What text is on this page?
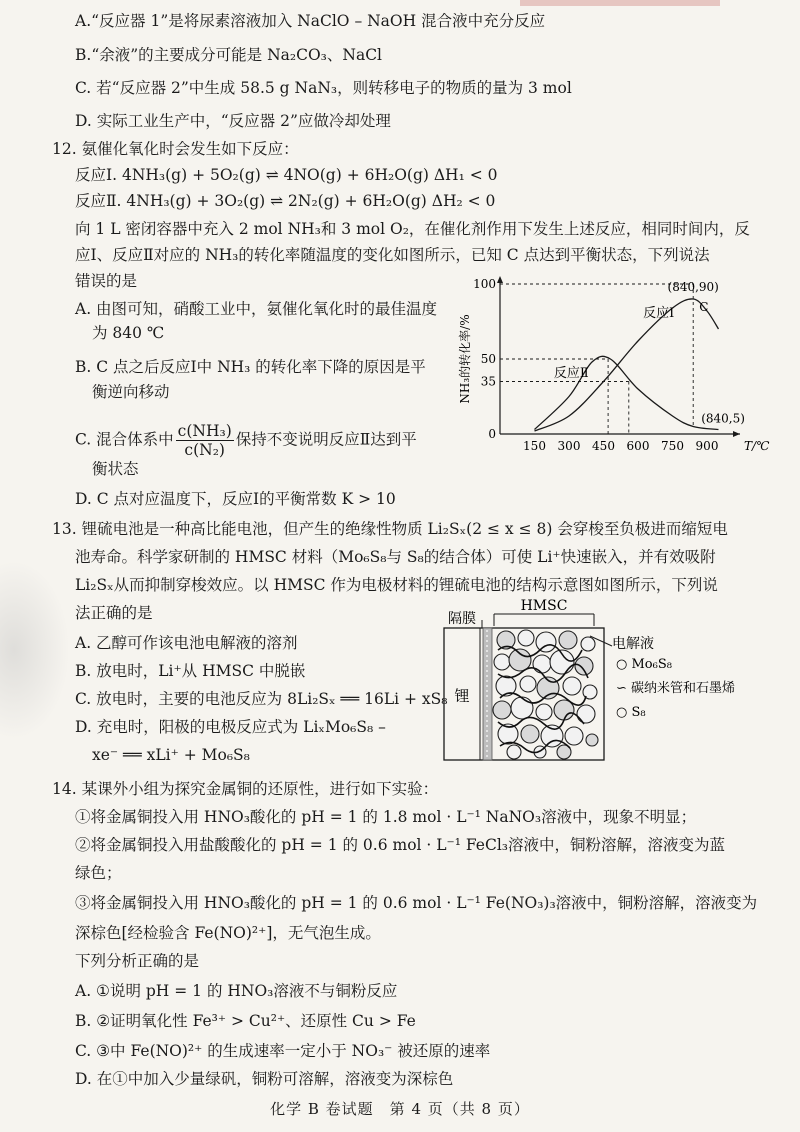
A.“反应器 1”是将尿素溶液加入 NaClO – NaOH 混合液中充分反应
B.“余液”的主要成分可能是 Na₂CO₃、NaCl
C. 若“反应器 2”中生成 58.5 g NaN₃，则转移电子的物质的量为 3 mol
D. 实际工业生产中，“反应器 2”应做冷却处理
12. 氨催化氧化时会发生如下反应：
反应Ⅰ. 4NH₃(g) + 5O₂(g) ⇌ 4NO(g) + 6H₂O(g) ΔH₁ < 0
反应Ⅱ. 4NH₃(g) + 3O₂(g) ⇌ 2N₂(g) + 6H₂O(g) ΔH₂ < 0
向 1 L 密闭容器中充入 2 mol NH₃和 3 mol O₂，在催化剂作用下发生上述反应，相同时间内，反
应Ⅰ、反应Ⅱ对应的 NH₃的转化率随温度的变化如图所示，已知 C 点达到平衡状态，下列说法
错误的是
A. 由图可知，硝酸工业中，氨催化氧化时的最佳温度
为 840 ℃
B. C 点之后反应Ⅰ中 NH₃ 的转化率下降的原因是平
衡逆向移动
C. 混合体系中 $\frac{\text{c(NH₃)}}{\text{c(N₂)}}$ 保持不变说明反应Ⅱ达到平
衡状态
D. C 点对应温度下，反应Ⅰ的平衡常数 K > 10
150 300 450 600 750 900
35
50
100
T/℃
NH₃的转化率/%
反应Ⅰ
反应Ⅱ
(840,90)
C
(840,5)
0
13. 锂硫电池是一种高比能电池，但产生的绝缘性物质 Li₂Sₓ(2 ≤ x ≤ 8) 会穿梭至负极进而缩短电
池寿命。科学家研制的 HMSC 材料（Mo₆S₈与 S₈的结合体）可使 Li⁺快速嵌入，并有效吸附
Li₂Sₓ从而抑制穿梭效应。以 HMSC 作为电极材料的锂硫电池的结构示意图如图所示，下列说
法正确的是
A. 乙醇可作该电池电解液的溶剂
B. 放电时，Li⁺从 HMSC 中脱嵌
C. 放电时，主要的电池反应为 8Li₂Sₓ ══ 16Li + xS₈
D. 充电时，阳极的电极反应式为 LiₓMo₆S₈ –
xe⁻ ══ xLi⁺ + Mo₆S₈
隔膜
HMSC
锂
电解液
○ Mo₆S₈
∽ 碳纳米管和石墨烯
○ S₈
14. 某课外小组为探究金属铜的还原性，进行如下实验：
①将金属铜投入用 HNO₃酸化的 pH = 1 的 1.8 mol · L⁻¹ NaNO₃溶液中，现象不明显；
②将金属铜投入用盐酸酸化的 pH = 1 的 0.6 mol · L⁻¹ FeCl₃溶液中，铜粉溶解，溶液变为蓝
绿色；
③将金属铜投入用 HNO₃酸化的 pH = 1 的 0.6 mol · L⁻¹ Fe(NO₃)₃溶液中，铜粉溶解，溶液变为
深棕色[经检验含 Fe(NO)²⁺]，无气泡生成。
下列分析正确的是
A. ①说明 pH = 1 的 HNO₃溶液不与铜粉反应
B. ②证明氧化性 Fe³⁺ > Cu²⁺、还原性 Cu > Fe
C. ③中 Fe(NO)²⁺ 的生成速率一定小于 NO₃⁻ 被还原的速率
D. 在①中加入少量绿矾，铜粉可溶解，溶液变为深棕色
化学 B 卷试题　第 4 页（共 8 页）
